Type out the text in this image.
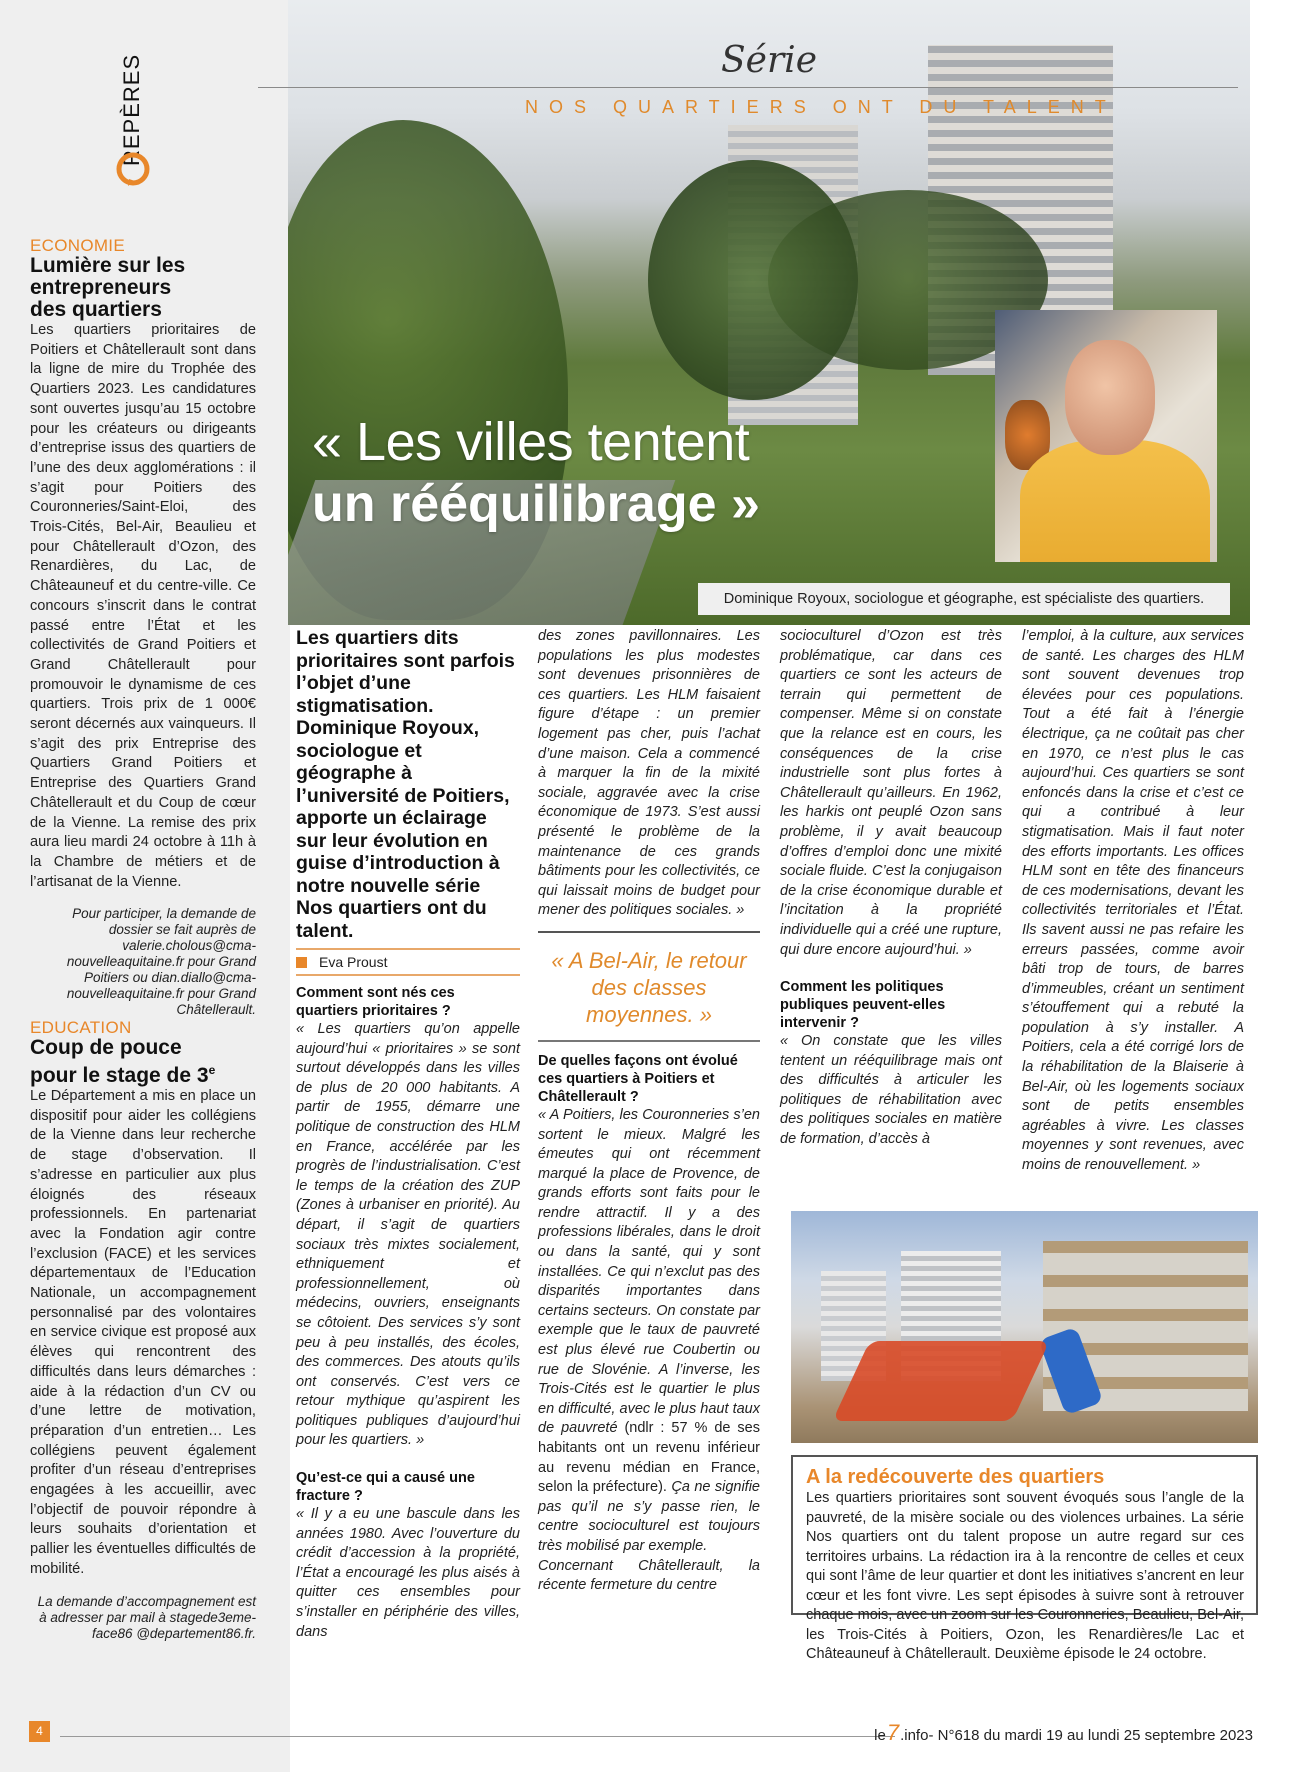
REPÈRES
ECONOMIE
Lumière sur les
entrepreneurs
des quartiers

Les quartiers prioritaires de Poitiers et Châtellerault sont dans la ligne de mire du Trophée des Quartiers 2023. Les candidatures sont ouvertes jusqu’au 15 octobre pour les créateurs ou dirigeants d’entreprise issus des quartiers de l’une des deux agglomérations : il s’agit pour Poitiers des Couronneries/Saint-Eloi, des Trois-Cités, Bel-Air, Beaulieu et pour Châtellerault d’Ozon, des Renardières, du Lac, de Châteauneuf et du centre-ville. Ce concours s’inscrit dans le contrat passé entre l’État et les collectivités de Grand Poitiers et Grand Châtellerault pour promouvoir le dynamisme de ces quartiers. Trois prix de 1 000€ seront décernés aux vainqueurs. Il s’agit des prix Entreprise des Quartiers Grand Poitiers et Entreprise des Quartiers Grand Châtellerault et du Coup de cœur de la Vienne. La remise des prix aura lieu mardi 24 octobre à 11h à la Chambre de métiers et de l’artisanat de la Vienne.

Pour participer, la demande de dossier se fait auprès de valerie.cholous@cma-nouvelleaquitaine.fr pour Grand Poitiers ou dian.diallo@cma-nouvelleaquitaine.fr pour Grand Châtellerault.

EDUCATION
Coup de pouce
pour le stage de 3e

Le Département a mis en place un dispositif pour aider les collégiens de la Vienne dans leur recherche de stage d’observation. Il s’adresse en particulier aux plus éloignés des réseaux professionnels. En partenariat avec la Fondation agir contre l’exclusion (FACE) et les services départementaux de l’Education Nationale, un accompagnement personnalisé par des volontaires en service civique est proposé aux élèves qui rencontrent des difficultés dans leurs démarches : aide à la rédaction d’un CV ou d’une lettre de motivation, préparation d’un entretien… Les collégiens peuvent également profiter d’un réseau d’entreprises engagées à les accueillir, avec l’objectif de pouvoir répondre à leurs souhaits d’orientation et pallier les éventuelles difficultés de mobilité.

La demande d’accompagnement est à adresser par mail à stagede3eme-face86 @departement86.fr.

Série
NOS QUARTIERS ONT DU TALENT
« Les villes tentent
un rééquilibrage »
Dominique Royoux, sociologue et géographe, est spécialiste des quartiers.

Les quartiers dits prioritaires sont parfois l’objet d’une stigmatisation. Dominique Royoux, sociologue et géographe à l’université de Poitiers, apporte un éclairage sur leur évolution en guise d’introduction à notre nouvelle série Nos quartiers ont du talent.

Eva Proust
Comment sont nés ces quartiers prioritaires ?

« Les quartiers qu’on appelle aujourd’hui « prioritaires » se sont surtout développés dans les villes de plus de 20 000 habitants. A partir de 1955, démarre une politique de construction des HLM en France, accélérée par les progrès de l’industrialisation. C’est le temps de la création des ZUP (Zones à urbaniser en priorité). Au départ, il s’agit de quartiers sociaux très mixtes socialement, ethniquement et professionnellement, où médecins, ouvriers, enseignants se côtoient. Des services s’y sont peu à peu installés, des écoles, des commerces. Des atouts qu’ils ont conservés. C’est vers ce retour mythique qu’aspirent les politiques publiques d’aujourd’hui pour les quartiers. »

Qu’est-ce qui a causé une fracture ?

« Il y a eu une bascule dans les années 1980. Avec l’ouverture du crédit d’accession à la propriété, l’État a encouragé les plus aisés à quitter ces ensembles pour s’installer en périphérie des villes, dans

des zones pavillonnaires. Les populations les plus modestes sont devenues prisonnières de ces quartiers. Les HLM faisaient figure d’étape : un premier logement pas cher, puis l’achat d’une maison. Cela a commencé à marquer la fin de la mixité sociale, aggravée avec la crise économique de 1973. S’est aussi présenté le problème de la maintenance de ces grands bâtiments pour les collectivités, ce qui laissait moins de budget pour mener des politiques sociales. »

« A Bel-Air, le retour des classes moyennes. »
De quelles façons ont évolué ces quartiers à Poitiers et Châtellerault ?

« A Poitiers, les Couronneries s’en sortent le mieux. Malgré les émeutes qui ont récemment marqué la place de Provence, de grands efforts sont faits pour le rendre attractif. Il y a des professions libérales, dans le droit ou dans la santé, qui y sont installées. Ce qui n’exclut pas des disparités importantes dans certains secteurs. On constate par exemple que le taux de pauvreté est plus élevé rue Coubertin ou rue de Slovénie. A l’inverse, les Trois-Cités est le quartier le plus en difficulté, avec le plus haut taux de pauvreté (ndlr : 57 % de ses habitants ont un revenu inférieur au revenu médian en France, selon la préfecture). Ça ne signifie pas qu’il ne s’y passe rien, le centre socioculturel est toujours très mobilisé par exemple.

Concernant Châtellerault, la récente fermeture du centre

socioculturel d’Ozon est très problématique, car dans ces quartiers ce sont les acteurs de terrain qui permettent de compenser. Même si on constate que la relance est en cours, les conséquences de la crise industrielle sont plus fortes à Châtellerault qu’ailleurs. En 1962, les harkis ont peuplé Ozon sans problème, il y avait beaucoup d’offres d’emploi donc une mixité sociale fluide. C’est la conjugaison de la crise économique durable et l’incitation à la propriété individuelle qui a créé une rupture, qui dure encore aujourd’hui. »

Comment les politiques publiques peuvent-elles intervenir ?

« On constate que les villes tentent un rééquilibrage mais ont des difficultés à articuler les politiques de réhabilitation avec des politiques sociales en matière de formation, d’accès à

l’emploi, à la culture, aux services de santé. Les charges des HLM sont souvent devenues trop élevées pour ces populations. Tout a été fait à l’énergie électrique, ça ne coûtait pas cher en 1970, ce n’est plus le cas aujourd’hui. Ces quartiers se sont enfoncés dans la crise et c’est ce qui a contribué à leur stigmatisation. Mais il faut noter des efforts importants. Les offices HLM sont en tête des financeurs de ces modernisations, devant les collectivités territoriales et l’État. Ils savent aussi ne pas refaire les erreurs passées, comme avoir bâti trop de tours, de barres d’immeubles, créant un sentiment s’étouffement qui a rebuté la population à s’y installer. A Poitiers, cela a été corrigé lors de la réhabilitation de la Blaiserie à Bel-Air, où les logements sociaux sont de petits ensembles agréables à vivre. Les classes moyennes y sont revenues, avec moins de renouvellement. »

A la redécouverte des quartiers

Les quartiers prioritaires sont souvent évoqués sous l’angle de la pauvreté, de la misère sociale ou des violences urbaines. La série Nos quartiers ont du talent propose un autre regard sur ces territoires urbains. La rédaction ira à la rencontre de celles et ceux qui sont l’âme de leur quartier et dont les initiatives s’ancrent en leur cœur et les font vivre. Les sept épisodes à suivre sont à retrouver chaque mois, avec un zoom sur les Couronneries, Beaulieu, Bel-Air, les Trois-Cités à Poitiers, Ozon, les Renardières/le Lac et Châteauneuf à Châtellerault. Deuxième épisode le 24 octobre.

4	le 7 .info - N°618 du mardi 19 au lundi 25 septembre 2023
